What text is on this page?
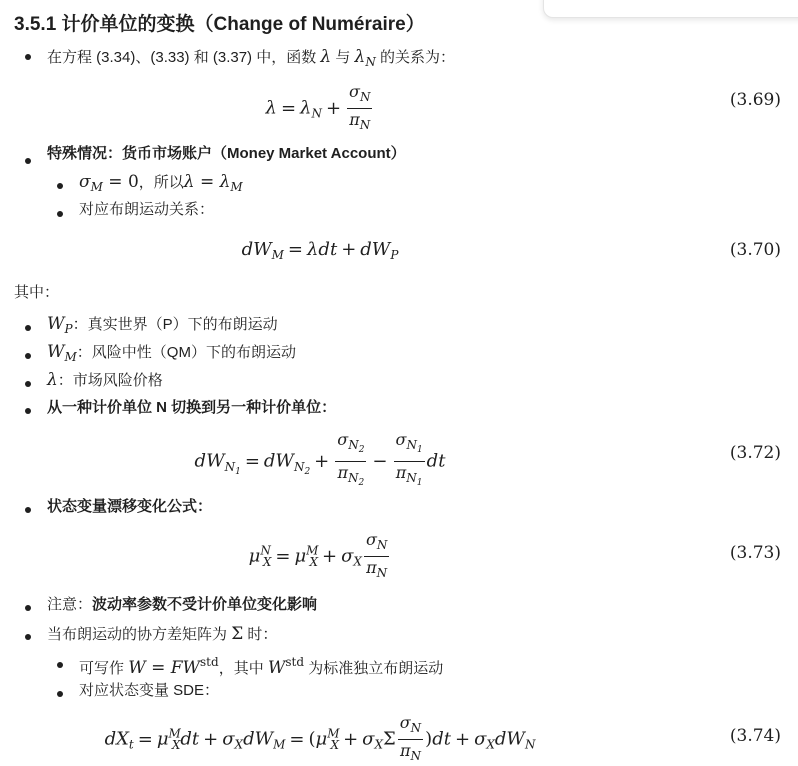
3.5.1 计价单位的变换（Change of Numéraire）
在方程 (3.34)、(3.33) 和 (3.37) 中，函数 λ 与 $\lambda_N$ 的关系为：
$\lambda = \lambda_N + \frac{\sigma_N}{\pi_N}$	(3.69)
特殊情况：货币市场账户（Money Market Account）
$\sigma_M = 0$，所以$\lambda = \lambda_M$
对应布朗运动关系：
$dW_M = \lambda dt + dW_P$	(3.70)
其中：
$W_P$：真实世界（P）下的布朗运动
$W_M$：风险中性（QM）下的布朗运动
λ：市场风险价格
从一种计价单位 N 切换到另一种计价单位：
$dW_{N_1} = dW_{N_2} + \frac{\sigma_{N_2}}{\pi_{N_2}} - \frac{\sigma_{N_1}}{\pi_{N_1}}$ dt	(3.72)
状态变量漂移变化公式：
$\mu^N_X = \mu^M_X + \sigma_X \frac{\sigma_N}{\pi_N}$	(3.73)
注意：波动率参数不受计价单位变化影响
当布朗运动的协方差矩阵为 Σ 时：
可写作 $W = FW^{std}$，其中 $W^{std}$ 为标准独立布朗运动
对应状态变量 SDE：
$dX_t = \mu^M_Xdt + \sigma_XdW_M = (\mu^M_X + \sigma_X\Sigma \frac{\sigma_N}{\pi_N} )dt + \sigma_XdW_N$	(3.74)
